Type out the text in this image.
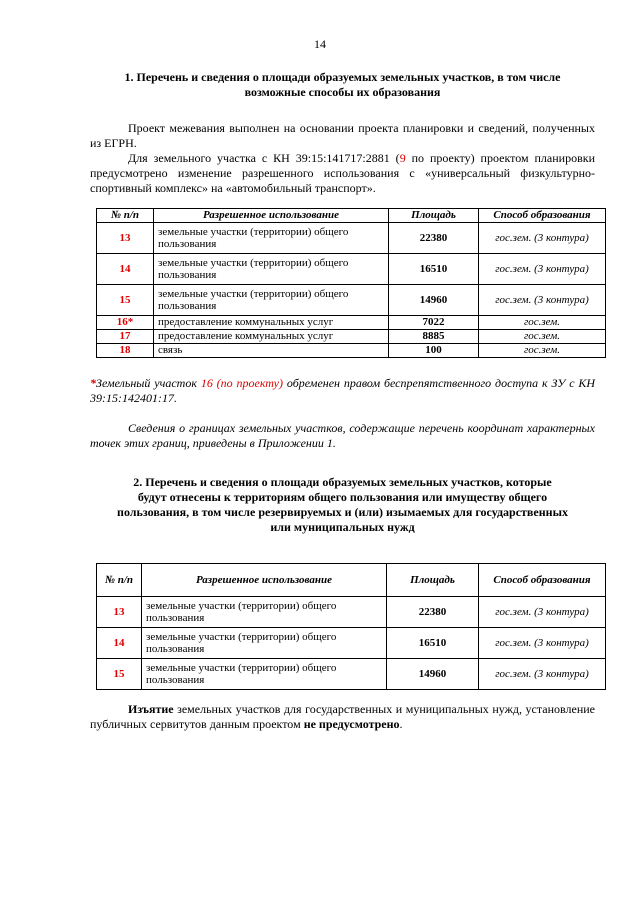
14
1. Перечень и сведения о площади образуемых земельных участков, в том числе
возможные способы их образования
Проект межевания выполнен на основании проекта планировки и сведений, полученных из ЕГРН.
Для земельного участка с КН 39:15:141717:2881 (9 по проекту) проектом планировки предусмотрено изменение разрешенного использования с «универсальный физкультурно-спортивный комплекс» на «автомобильный транспорт».
№ п/п	Разрешенное использование	Площадь	Способ образования
13	земельные участки (территории) общего пользования	22380	гос.зем. (3 контура)
14	земельные участки (территории) общего пользования	16510	гос.зем. (3 контура)
15	земельные участки (территории) общего пользования	14960	гос.зем. (3 контура)
16*	предоставление коммунальных услуг	7022	гос.зем.
17	предоставление коммунальных услуг	8885	гос.зем.
18	связь	100	гос.зем.
*Земельный участок 16 (по проекту) обременен правом беспрепятственного доступа к ЗУ с КН 39:15:142401:17.
Сведения о границах земельных участков, содержащие перечень координат характерных точек этих границ, приведены в Приложении 1.
2. Перечень и сведения о площади образуемых земельных участков, которые
будут отнесены к территориям общего пользования или имуществу общего
пользования, в том числе резервируемых и (или) изымаемых для государственных
или муниципальных нужд
№ п/п	Разрешенное использование	Площадь	Способ образования
13	земельные участки (территории) общего пользования	22380	гос.зем. (3 контура)
14	земельные участки (территории) общего пользования	16510	гос.зем. (3 контура)
15	земельные участки (территории) общего пользования	14960	гос.зем. (3 контура)
Изъятие земельных участков для государственных и муниципальных нужд, установление публичных сервитутов данным проектом не предусмотрено.
